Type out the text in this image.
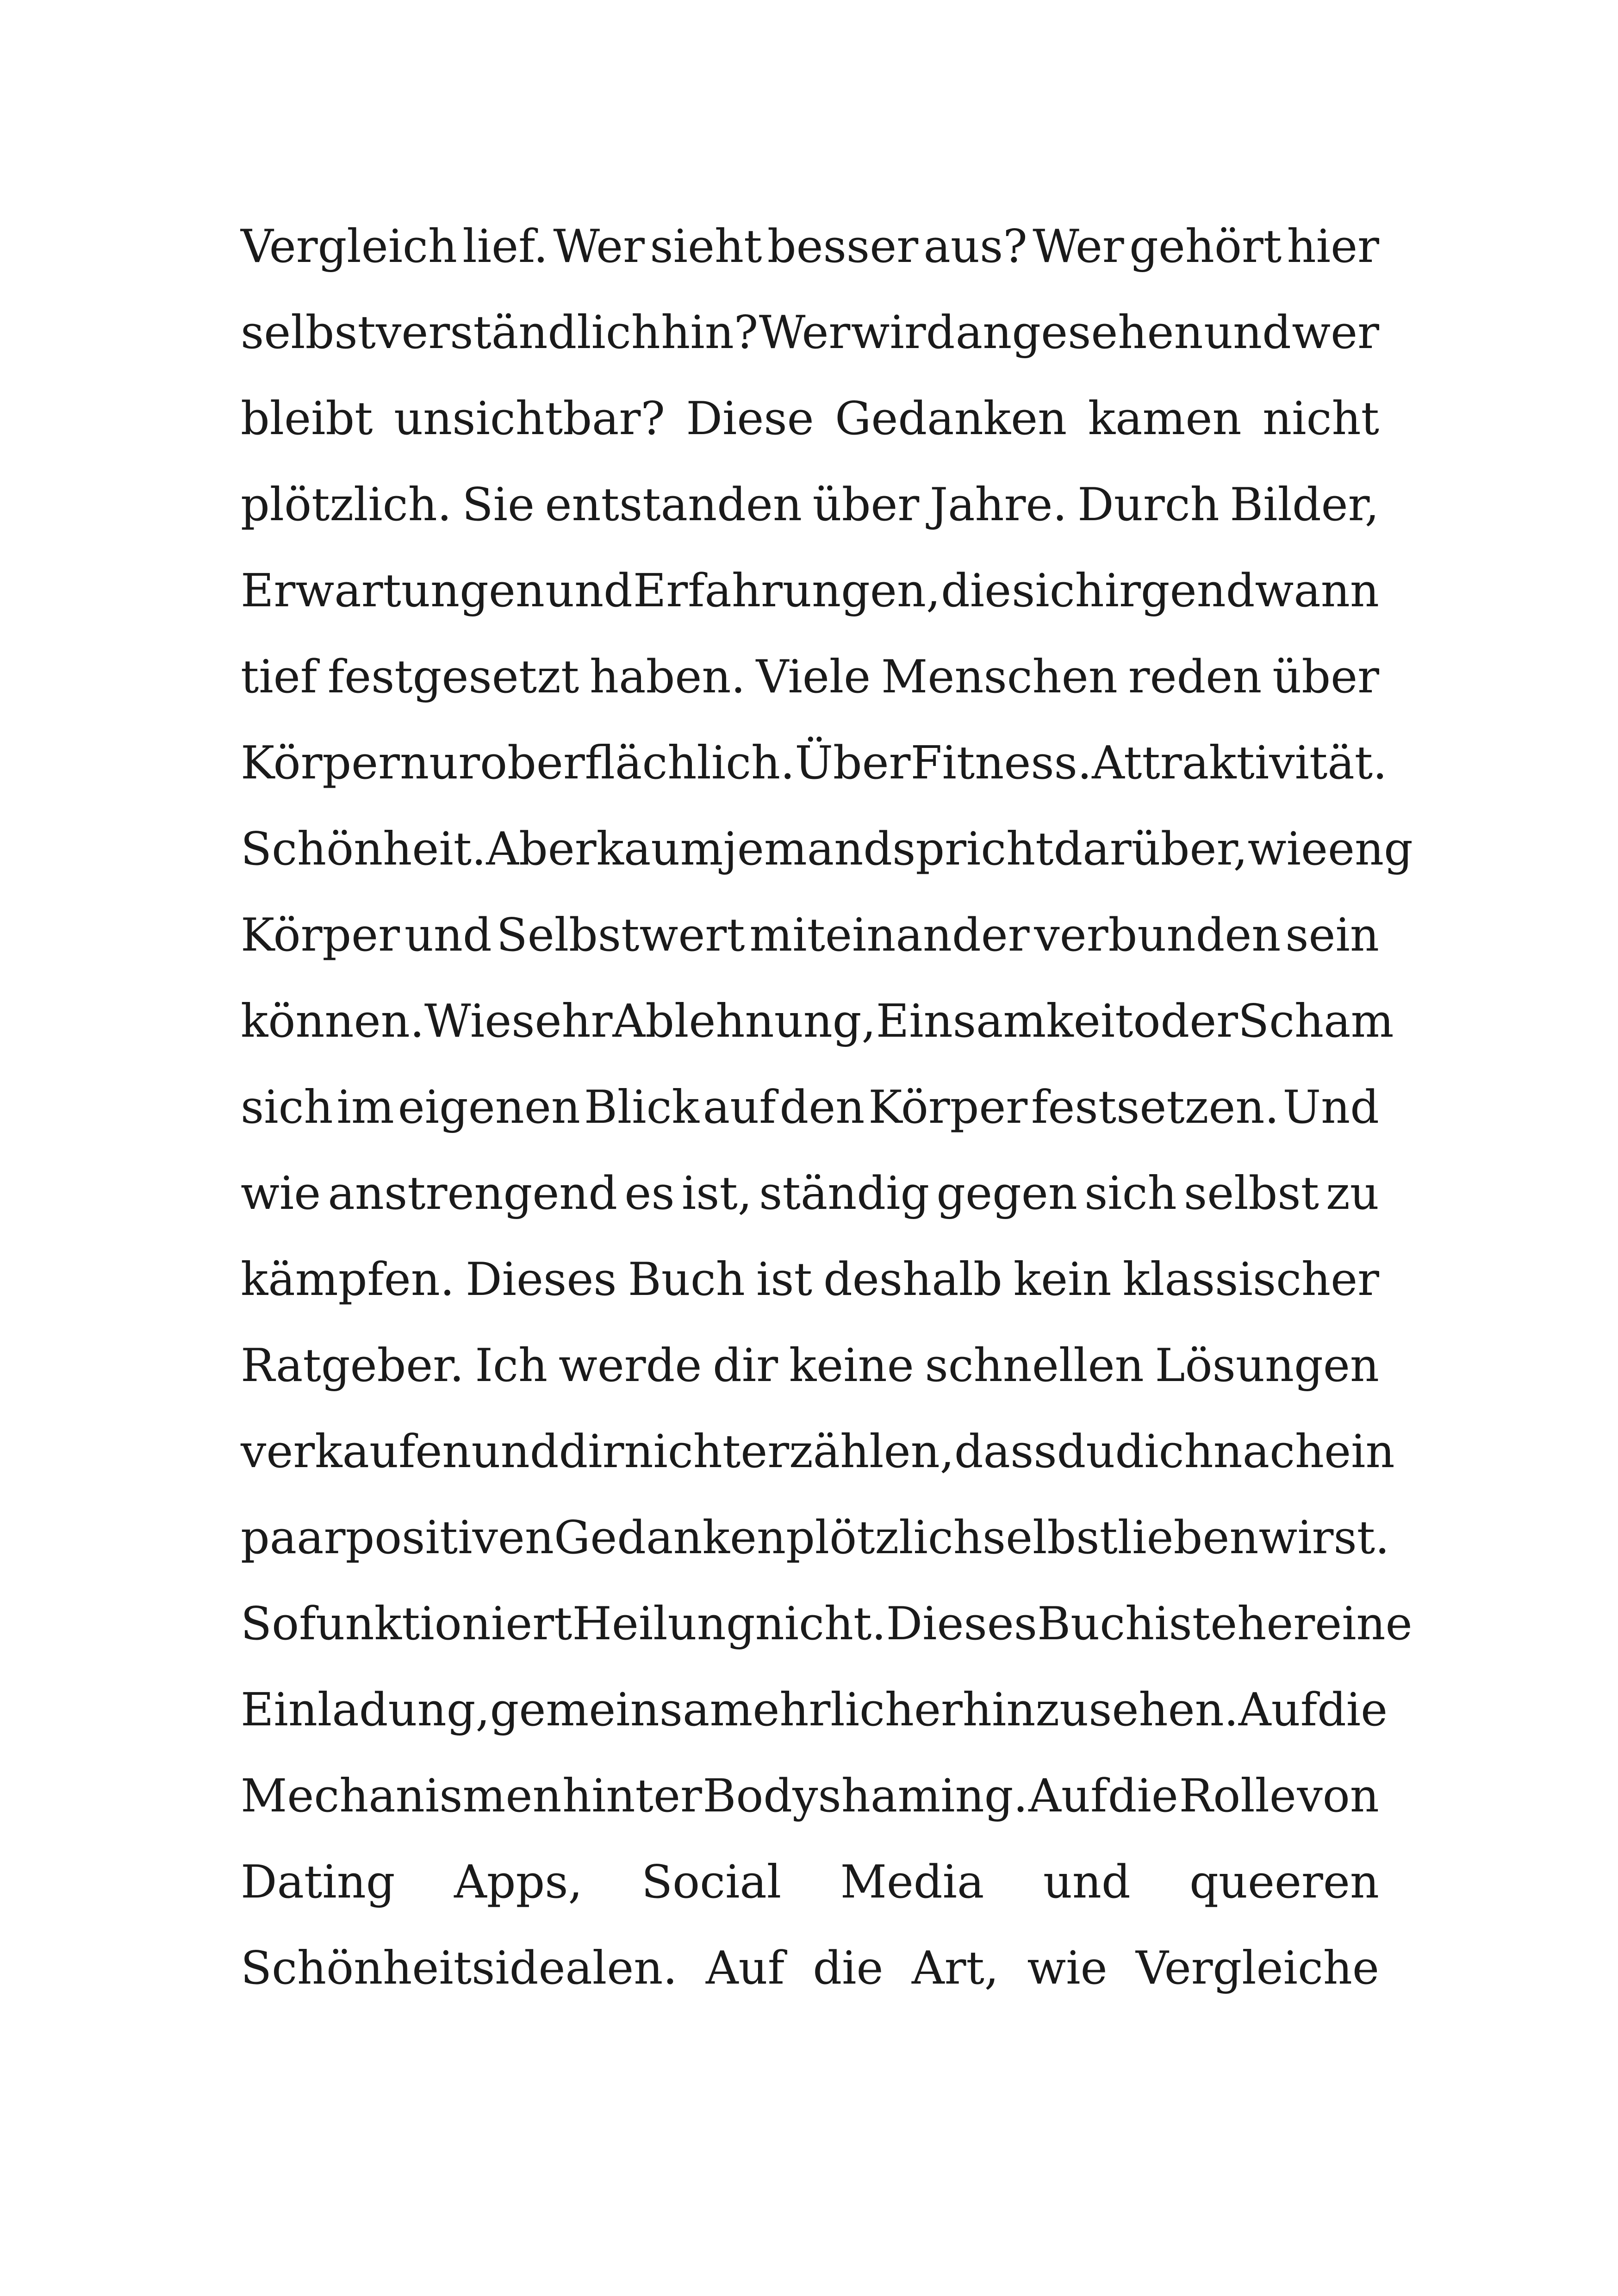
Vergleich lief. Wer sieht besser aus? Wer gehört hier
selbstverständlich hin? Wer wird angesehen und wer
bleibt unsichtbar? Diese Gedanken kamen nicht
plötzlich. Sie entstanden über Jahre. Durch Bilder,
Erwartungen und Erfahrungen, die sich irgendwann
tief festgesetzt haben. Viele Menschen reden über
Körper nur oberflächlich. Über Fitness. Attraktivität.
Schönheit. Aber kaum jemand spricht darüber, wie eng
Körper und Selbstwert miteinander verbunden sein
können. Wie sehr Ablehnung, Einsamkeit oder Scham
sich im eigenen Blick auf den Körper festsetzen. Und
wie anstrengend es ist, ständig gegen sich selbst zu
kämpfen. Dieses Buch ist deshalb kein klassischer
Ratgeber. Ich werde dir keine schnellen Lösungen
verkaufen und dir nicht erzählen, dass du dich nach ein
paar positiven Gedanken plötzlich selbst lieben wirst.
So funktioniert Heilung nicht. Dieses Buch ist eher eine
Einladung, gemeinsam ehrlicher hinzusehen. Auf die
Mechanismen hinter Bodyshaming. Auf die Rolle von
Dating Apps, Social Media und queeren
Schönheitsidealen. Auf die Art, wie Vergleiche
